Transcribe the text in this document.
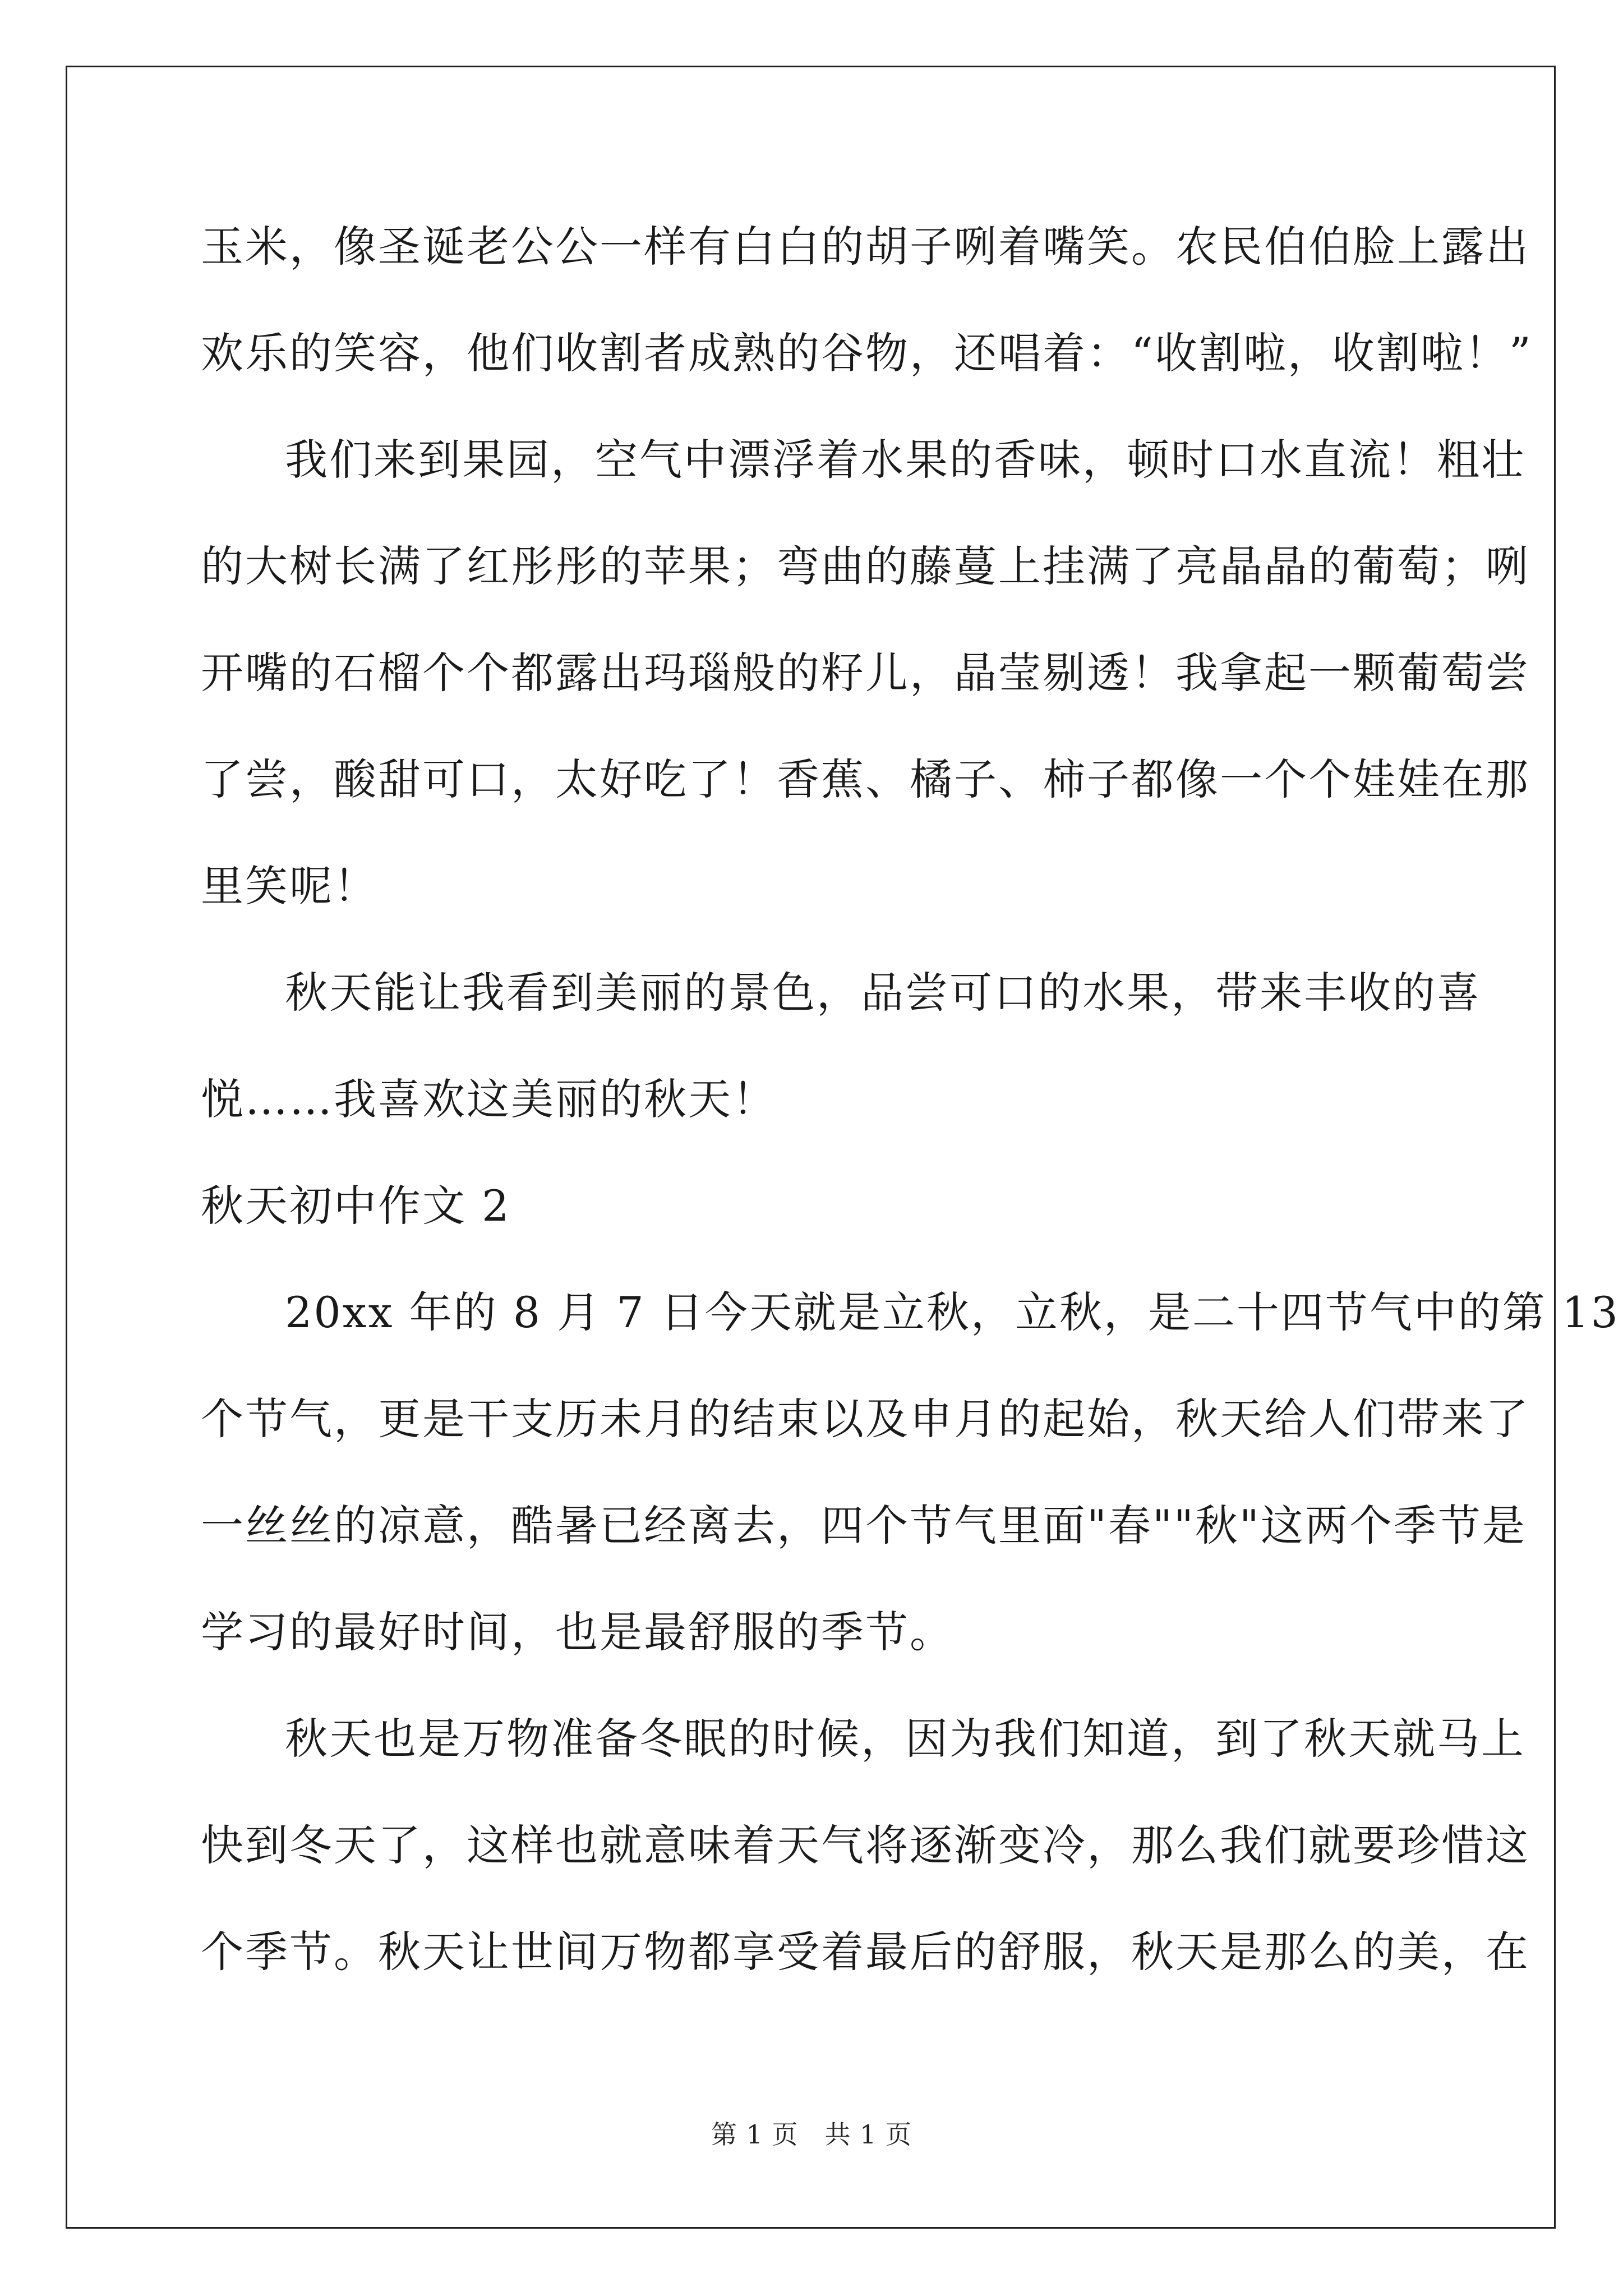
玉米，像圣诞老公公一样有白白的胡子咧着嘴笑。农民伯伯脸上露出
欢乐的笑容，他们收割者成熟的谷物，还唱着：“收割啦，收割啦！”
我们来到果园，空气中漂浮着水果的香味，顿时口水直流！粗壮
的大树长满了红彤彤的苹果；弯曲的藤蔓上挂满了亮晶晶的葡萄；咧
开嘴的石榴个个都露出玛瑙般的籽儿，晶莹剔透！我拿起一颗葡萄尝
了尝，酸甜可口，太好吃了！香蕉、橘子、柿子都像一个个娃娃在那
里笑呢！
秋天能让我看到美丽的景色，品尝可口的水果，带来丰收的喜
悦……我喜欢这美丽的秋天！
秋天初中作文 2
20xx 年的 8 月 7 日今天就是立秋，立秋，是二十四节气中的第 13
个节气，更是干支历未月的结束以及申月的起始，秋天给人们带来了
一丝丝的凉意，酷暑已经离去，四个节气里面"春""秋"这两个季节是
学习的最好时间，也是最舒服的季节。
秋天也是万物准备冬眠的时候，因为我们知道，到了秋天就马上
快到冬天了，这样也就意味着天气将逐渐变冷，那么我们就要珍惜这
个季节。秋天让世间万物都享受着最后的舒服，秋天是那么的美，在
第 1 页　共 1 页
